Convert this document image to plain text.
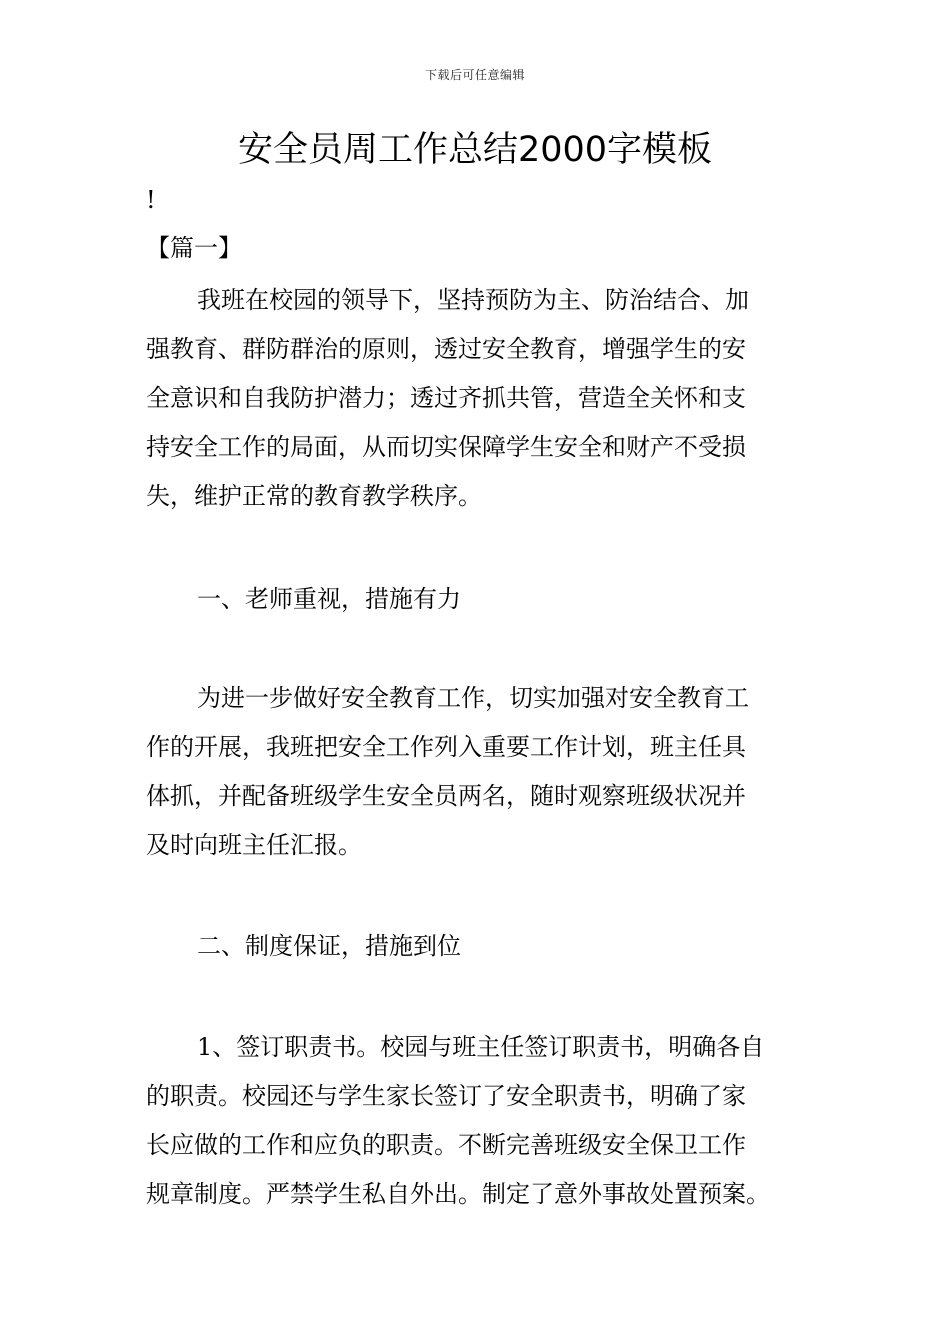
下载后可任意编辑
安全员周工作总结2000字模板
!
【篇一】
我班在校园的领导下，坚持预防为主、防治结合、加
强教育、群防群治的原则，透过安全教育，增强学生的安
全意识和自我防护潜力；透过齐抓共管，营造全关怀和支
持安全工作的局面，从而切实保障学生安全和财产不受损
失，维护正常的教育教学秩序。
一、老师重视，措施有力
为进一步做好安全教育工作，切实加强对安全教育工
作的开展，我班把安全工作列入重要工作计划，班主任具
体抓，并配备班级学生安全员两名，随时观察班级状况并
及时向班主任汇报。
二、制度保证，措施到位
1、签订职责书。校园与班主任签订职责书，明确各自
的职责。校园还与学生家长签订了安全职责书，明确了家
长应做的工作和应负的职责。不断完善班级安全保卫工作
规章制度。严禁学生私自外出。制定了意外事故处置预案。
